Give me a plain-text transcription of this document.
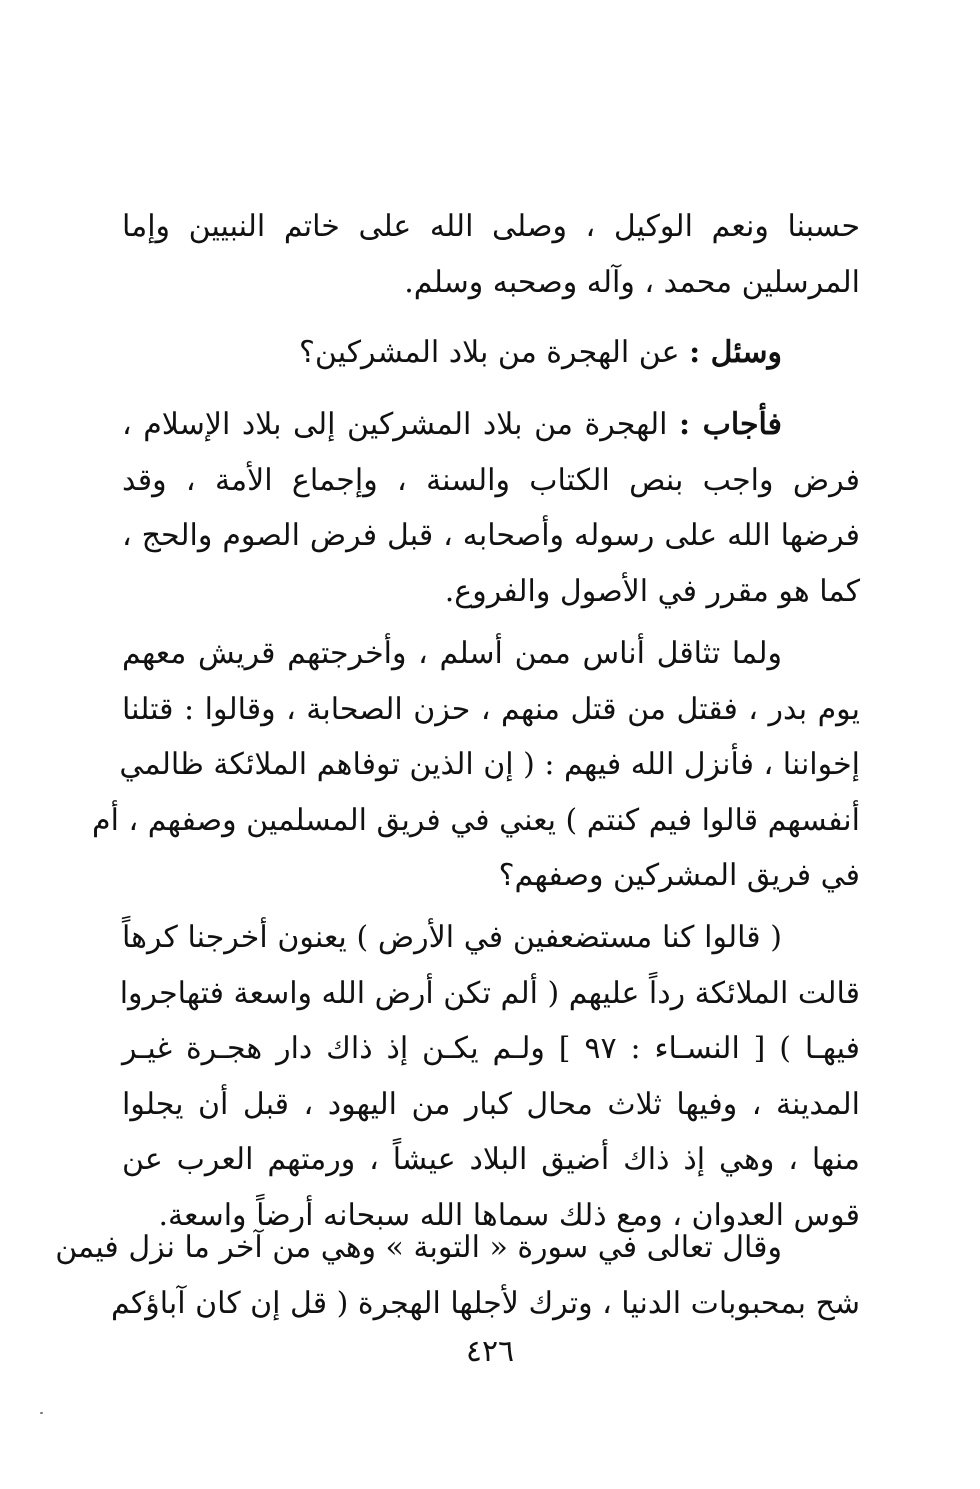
حسبنا ونعم الوكيل ، وصلى الله على خاتم النبيين وإما
المرسلين محمد ، وآله وصحبه وسلم.
وسئل : عن الهجرة من بلاد المشركين؟
فأجاب : الهجرة من بلاد المشركين إلى بلاد الإسلام ،
فرض واجب بنص الكتاب والسنة ، وإجماع الأمة ، وقد
فرضها الله على رسوله وأصحابه ، قبل فرض الصوم والحج ،
كما هو مقرر في الأصول والفروع.
ولما تثاقل أناس ممن أسلم ، وأخرجتهم قريش معهم
يوم بدر ، فقتل من قتل منهم ، حزن الصحابة ، وقالوا : قتلنا
إخواننا ، فأنزل الله فيهم : ( إن الذين توفاهم الملائكة ظالمي
أنفسهم قالوا فيم كنتم ) يعني في فريق المسلمين وصفهم ، أم
في فريق المشركين وصفهم؟
( قالوا كنا مستضعفين في الأرض ) يعنون أخرجنا كرهاً
قالت الملائكة رداً عليهم ( ألم تكن أرض الله واسعة فتهاجروا
فيهـا ) [ النسـاء : ٩٧ ] ولـم يكـن إذ ذاك دار هجـرة غيـر
المدينة ، وفيها ثلاث محال كبار من اليهود ، قبل أن يجلوا
منها ، وهي إذ ذاك أضيق البلاد عيشاً ، ورمتهم العرب عن
قوس العدوان ، ومع ذلك سماها الله سبحانه أرضاً واسعة.
وقال تعالى في سورة « التوبة » وهي من آخر ما نزل فيمن
شح بمحبوبات الدنيا ، وترك لأجلها الهجرة ( قل إن كان آباؤكم
٤٢٦
